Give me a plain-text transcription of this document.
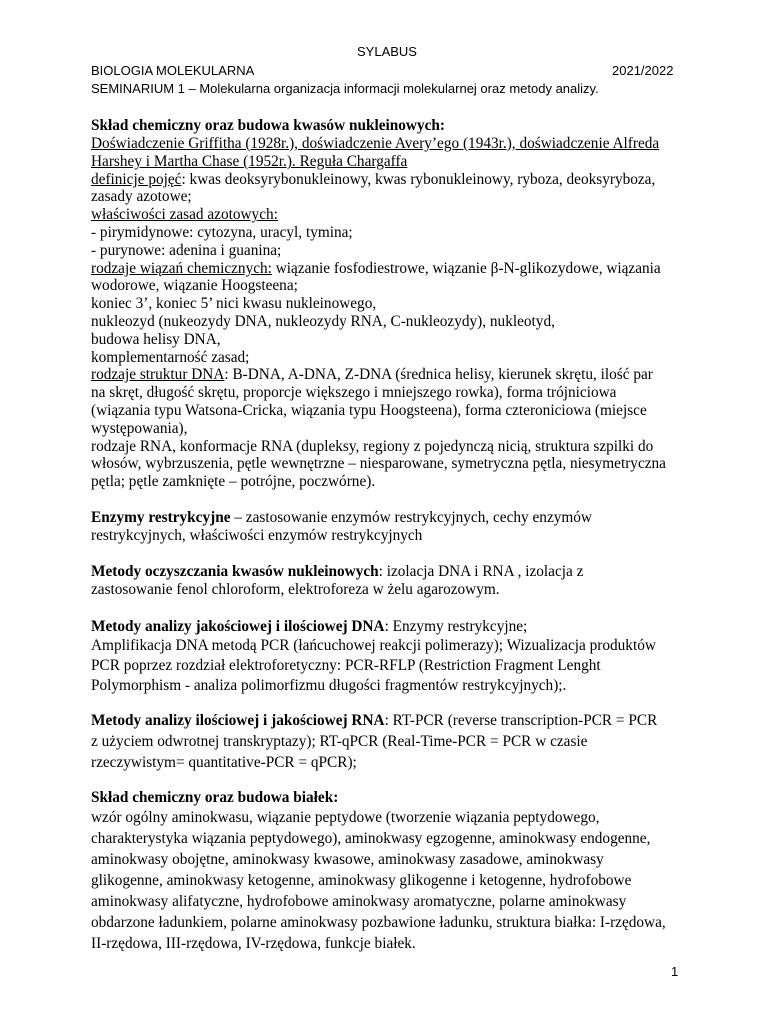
SYLABUS
BIOLOGIA MOLEKULARNA	2021/2022
SEMINARIUM 1 – Molekularna organizacja informacji molekularnej oraz metody analizy.
Skład chemiczny oraz budowa kwasów nukleinowych:
Doświadczenie Griffitha (1928r.), doświadczenie Avery’ego (1943r.), doświadczenie Alfreda
Harshey i Martha Chase (1952r.). Reguła Chargaffa
definicje pojęć: kwas deoksyrybonukleinowy, kwas rybonukleinowy, ryboza, deoksyryboza,
zasady azotowe;
właściwości zasad azotowych:
- pirymidynowe: cytozyna, uracyl, tymina;
- purynowe: adenina i guanina;
rodzaje wiązań chemicznych: wiązanie fosfodiestrowe, wiązanie β-N-glikozydowe, wiązania
wodorowe, wiązanie Hoogsteena;
koniec 3’, koniec 5’ nici kwasu nukleinowego,
nukleozyd (nukeozydy DNA, nukleozydy RNA, C-nukleozydy), nukleotyd,
budowa helisy DNA,
komplementarność zasad;
rodzaje struktur DNA: B-DNA, A-DNA, Z-DNA (średnica helisy, kierunek skrętu, ilość par
na skręt, długość skrętu, proporcje większego i mniejszego rowka), forma trójniciowa
(wiązania typu Watsona-Cricka, wiązania typu Hoogsteena), forma czteroniciowa (miejsce
występowania),
rodzaje RNA, konformacje RNA (dupleksy, regiony z pojedynczą nicią, struktura szpilki do
włosów, wybrzuszenia, pętle wewnętrzne – niesparowane, symetryczna pętla, niesymetryczna
pętla; pętle zamknięte – potrójne, poczwórne).
Enzymy restrykcyjne – zastosowanie enzymów restrykcyjnych, cechy enzymów
restrykcyjnych, właściwości enzymów restrykcyjnych
Metody oczyszczania kwasów nukleinowych: izolacja DNA i RNA , izolacja z
zastosowanie fenol chloroform, elektroforeza w żelu agarozowym.
Metody analizy jakościowej i ilościowej DNA: Enzymy restrykcyjne;
Amplifikacja DNA metodą PCR (łańcuchowej reakcji polimerazy); Wizualizacja produktów
PCR poprzez rozdział elektroforetyczny: PCR-RFLP (Restriction Fragment Lenght
Polymorphism - analiza polimorfizmu długości fragmentów restrykcyjnych);.
Metody analizy ilościowej i jakościowej RNA: RT-PCR (reverse transcription-PCR = PCR
z użyciem odwrotnej transkryptazy); RT-qPCR (Real-Time-PCR = PCR w czasie
rzeczywistym= quantitative-PCR = qPCR);
Skład chemiczny oraz budowa białek:
wzór ogólny aminokwasu, wiązanie peptydowe (tworzenie wiązania peptydowego,
charakterystyka wiązania peptydowego), aminokwasy egzogenne, aminokwasy endogenne,
aminokwasy obojętne, aminokwasy kwasowe, aminokwasy zasadowe, aminokwasy
glikogenne, aminokwasy ketogenne, aminokwasy glikogenne i ketogenne, hydrofobowe
aminokwasy alifatyczne, hydrofobowe aminokwasy aromatyczne, polarne aminokwasy
obdarzone ładunkiem, polarne aminokwasy pozbawione ładunku, struktura białka: I-rzędowa,
II-rzędowa, III-rzędowa, IV-rzędowa, funkcje białek.
1
